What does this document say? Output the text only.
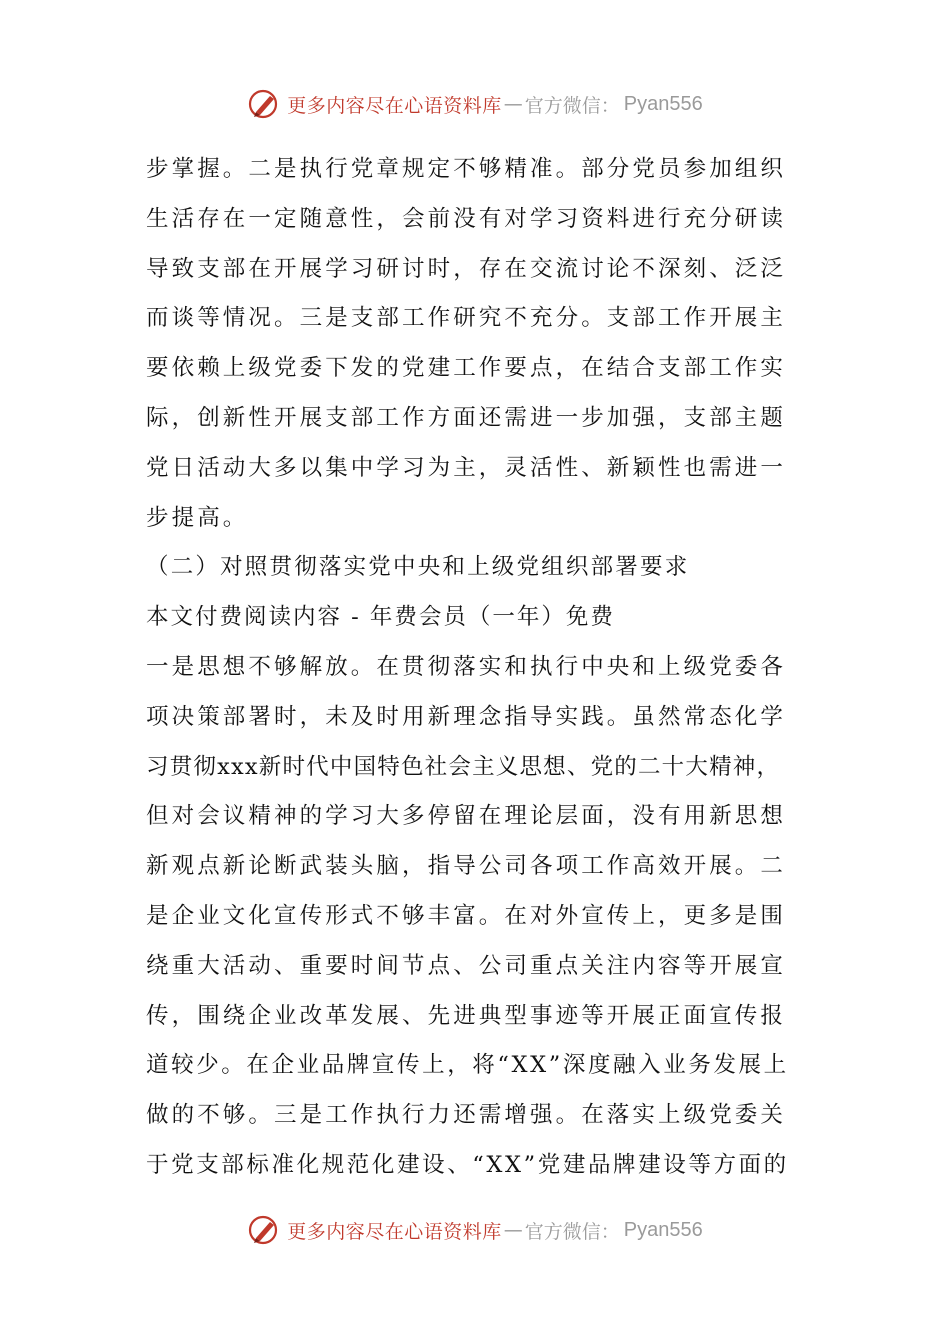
更多内容尽在心语资料库 — 官方微信： Pyan556
步掌握。二是执行党章规定不够精准。部分党员参加组织
生活存在一定随意性，会前没有对学习资料进行充分研读
导致支部在开展学习研讨时，存在交流讨论不深刻、泛泛
而谈等情况。三是支部工作研究不充分。支部工作开展主
要依赖上级党委下发的党建工作要点，在结合支部工作实
际，创新性开展支部工作方面还需进一步加强，支部主题
党日活动大多以集中学习为主，灵活性、新颖性也需进一
步提高。
（二）对照贯彻落实党中央和上级党组织部署要求
本文付费阅读内容 - 年费会员（一年）免费
一是思想不够解放。在贯彻落实和执行中央和上级党委各
项决策部署时，未及时用新理念指导实践。虽然常态化学
习贯彻xxx新时代中国特色社会主义思想、党的二十大精神，
但对会议精神的学习大多停留在理论层面，没有用新思想
新观点新论断武装头脑，指导公司各项工作高效开展。二
是企业文化宣传形式不够丰富。在对外宣传上，更多是围
绕重大活动、重要时间节点、公司重点关注内容等开展宣
传，围绕企业改革发展、先进典型事迹等开展正面宣传报
道较少。在企业品牌宣传上，将“XX”深度融入业务发展上
做的不够。三是工作执行力还需增强。在落实上级党委关
于党支部标准化规范化建设、“XX”党建品牌建设等方面的
更多内容尽在心语资料库 — 官方微信： Pyan556
